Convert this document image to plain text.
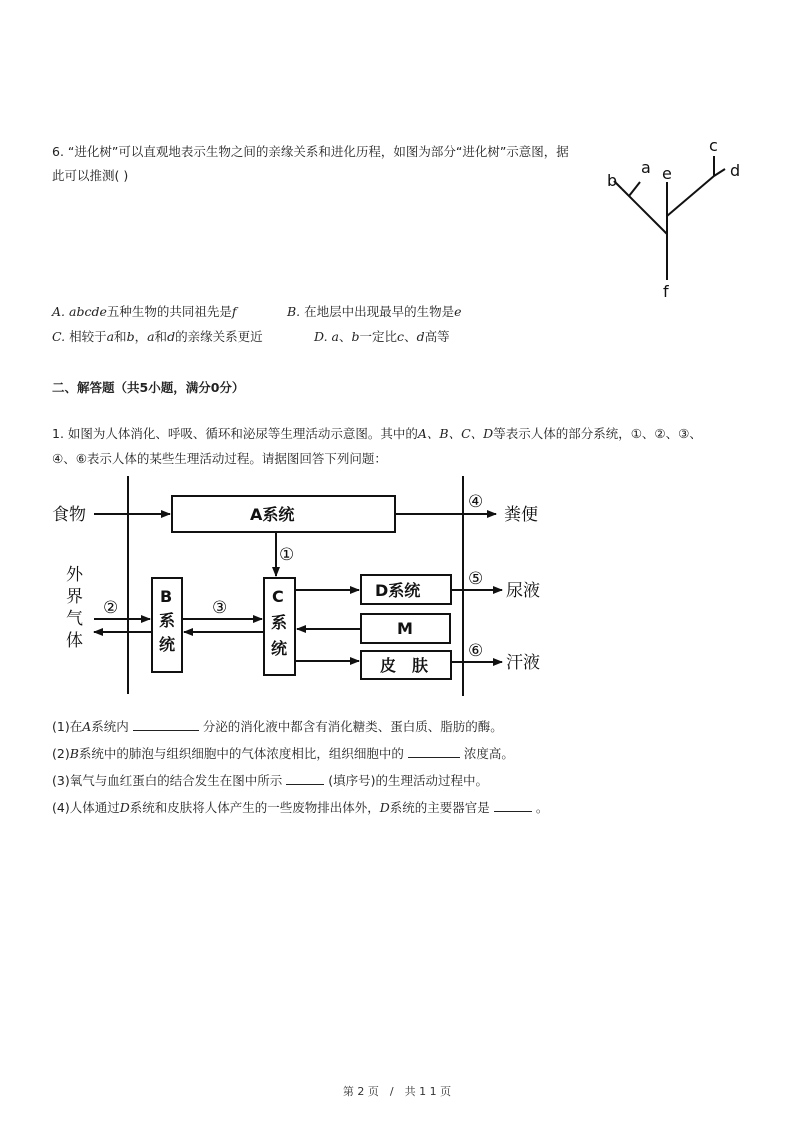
6. “进化树”可以直观地表示生物之间的亲缘关系和进化历程，如图为部分“进化树”示意图，据
此可以推测( )	b
a e
c
d
f
A. abcde五种生物的共同祖先是f	B. 在地层中出现最早的生物是e
C. 相较于a和b，a和d的亲缘关系更近	D. a、b一定比c、d高等
二、解答题（共5小题，满分0分）
1. 如图为人体消化、呼吸、循环和泌尿等生理活动示意图。其中的A、B、C、D等表示人体的部分系统，①、②、③、
④、⑥表示人体的某些生理活动过程。请据图回答下列问题：
食物	A系统
④
粪便
①
外
界
气
体
②	③
B
系
统
C
系
统
D系统
M
皮　肤
⑤
尿液
⑥
汗液
(1)在A系统内	分泌的消化液中都含有消化糖类、蛋白质、脂肪的酶。
(2)B系统中的肺泡与组织细胞中的气体浓度相比，组织细胞中的	浓度高。
(3)氧气与血红蛋白的结合发生在图中所示	(填序号)的生理活动过程中。
(4)人体通过D系统和皮肤将人体产生的一些废物排出体外，D系统的主要器官是	。
第 2 页　/　共 1 1 页
